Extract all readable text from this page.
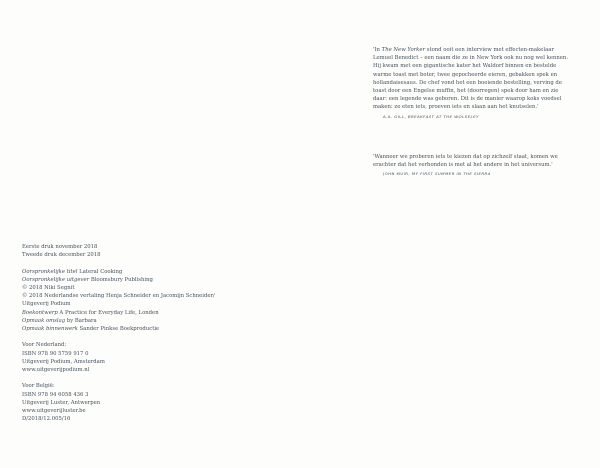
'In The New Yorker stond ooit een interview met effecten-makelaar Lemuel Benedict – een naam die ze in New York ook nu nog wel kennen. Hij kwam met een gigantische kater het Waldorf binnen en bestelde warme toast met boter, twee gepocheerde eieren, gebakken spek en hollandaisesaus. De chef vond het een boeiende bestelling, verving de toast door een Engelse muffin, het (doorregen) spek door ham en zie daar: een legende was geboren. Dit is de manier waarop koks voedsel maken: ze eten iets, proeven iets en slaan aan het knutselen.'
A.A. GILL, BREAKFAST AT THE WOLSELEY
'Wanneer we proberen iets te kiezen dat op zichzelf staat, komen we erachter dat het verbonden is met al het andere in het universum.'
JOHN MUIR, MY FIRST SUMMER IN THE SIERRA
Eerste druk november 2018
Tweede druk december 2018
Oorspronkelijke titel Lateral Cooking
Oorspronkelijke uitgever Bloomsbury Publishing
© 2018 Niki Segnit
© 2018 Nederlandse vertaling Henja Schneider en Jacomijn Schneider/
Uitgeverij Podium
Boekontwerp A Practice for Everyday Life, Londen
Opmaak omslag by Barbara
Opmaak binnenwerk Sander Pinkse Boekproductie
Voor Nederland:
ISBN 978 90 5759 917 0
Uitgeverij Podium, Amsterdam
www.uitgeverijpodium.nl
Voor België:
ISBN 978 94 6058 436 3
Uitgeverij Luster, Antwerpen
www.uitgeverijluster.be
D/2018/12.005/16
